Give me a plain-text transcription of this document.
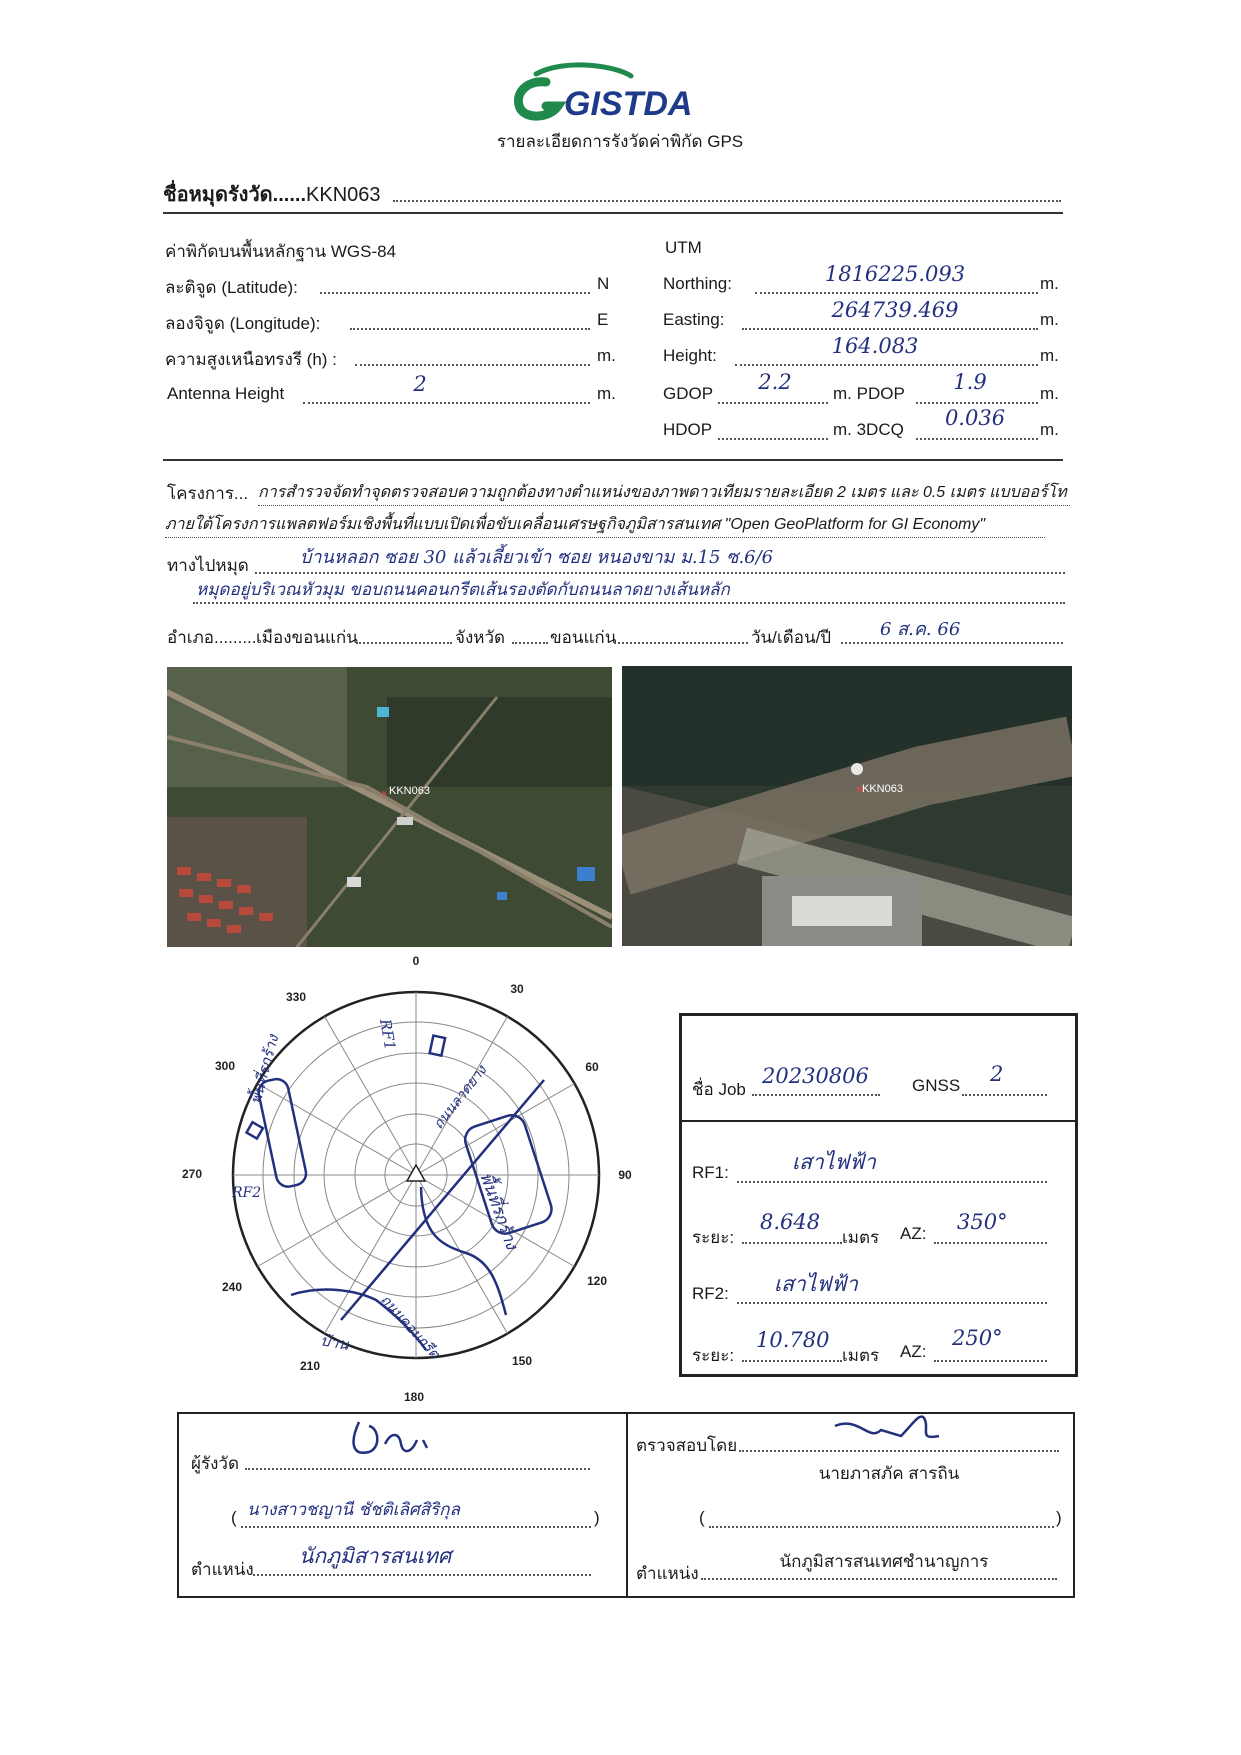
GISTDA
รายละเอียดการรังวัดค่าพิกัด GPS
ชื่อหมุดรังวัด......KKN063
ค่าพิกัดบนพื้นหลักฐาน WGS-84
ละติจูด (Latitude):	N
ลองจิจูด (Longitude):	E
ความสูงเหนือทรงรี (h) :	m.
Antenna Height	2	m.
UTM
Northing:	1816225.093	m.
Easting:	264739.469	m.
Height:	164.083	m.
GDOP	2.2	m. PDOP	1.9	m.
HDOP	m. 3DCQ	0.036	m.
โครงการ... การสำรวจจัดทำจุดตรวจสอบความถูกต้องทางตำแหน่งของภาพดาวเทียมรายละเอียด 2 เมตร และ 0.5 เมตร แบบออร์โท
ภายใต้โครงการแพลตฟอร์มเชิงพื้นที่แบบเปิดเพื่อขับเคลื่อนเศรษฐกิจภูมิสารสนเทศ "Open GeoPlatform for GI Economy"
ทางไปหมุด	บ้านหลอก ซอย 30 แล้วเลี้ยวเข้า ซอย หนองขาม ม.15 ซ.6/6
หมุดอยู่บริเวณหัวมุม ขอบถนนคอนกรีตเส้นรองตัดกับถนนลาดยางเส้นหลัก
อำเภอ......... เมืองขอนแก่น	จังหวัด	ขอนแก่น	วัน/เดือน/ปี	6 ส.ค. 66
KKN063
×	×
KKN063
0
30
60
90
120
150
180
210
240
270
300
330
RF1
RF2
พื้นที่รกร้าง
พื้นที่รกร้าง
ถนนลาดยาง
ถนนคอนกรีต
บ้าน
ชื่อ Job
20230806	GNSS 2
RF1:	เสาไฟฟ้า
ระยะ:
8.648
เมตร AZ: 350°
RF2: เสาไฟฟ้า
ระยะ:
10.780
เมตร AZ:
250°
ผู้รังวัด
( นางสาวชญานี ชัชติเลิศสิริกุล	)
ตำแหน่ง
นักภูมิสารสนเทศ
ตรวจสอบโดย
นายภาสภัค สารถิน
(	)
ตำแหน่ง
นักภูมิสารสนเทศชำนาญการ
